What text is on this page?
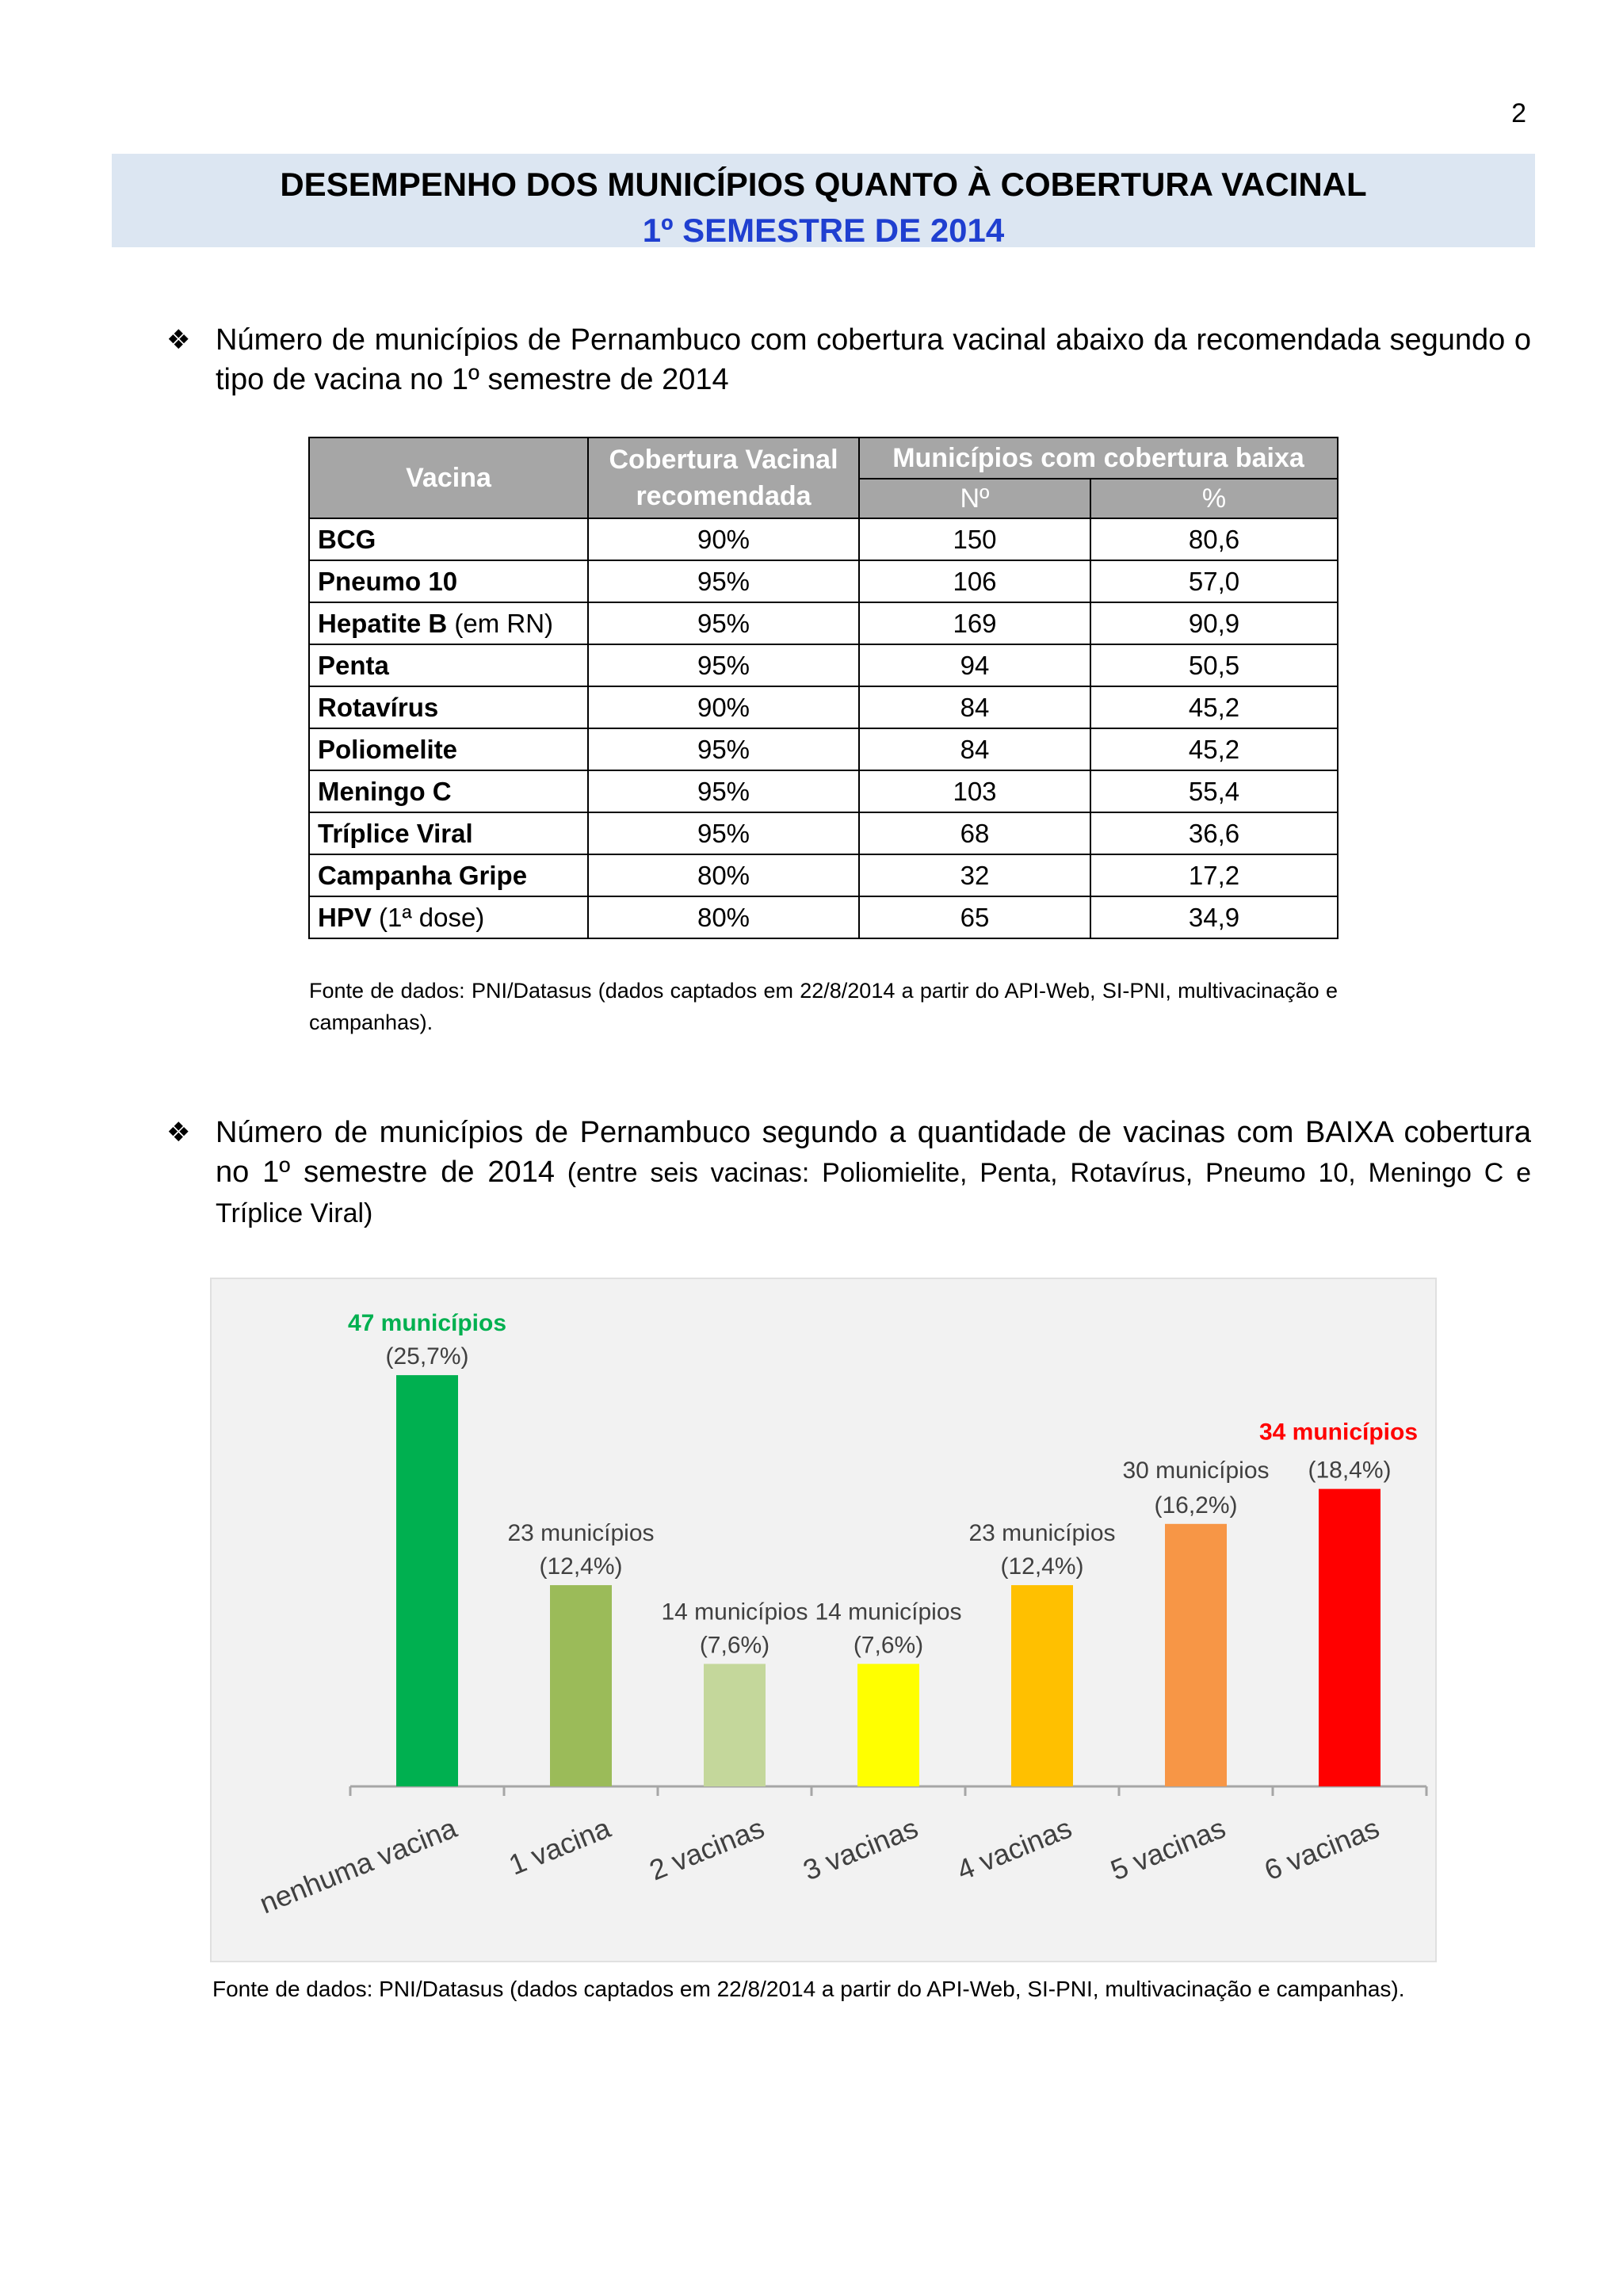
2
DESEMPENHO DOS MUNICÍPIOS QUANTO À COBERTURA VACINAL
1º SEMESTRE DE 2014
❖ Número de municípios de Pernambuco com cobertura vacinal abaixo da recomendada segundo o tipo de vacina no 1º semestre de 2014
Vacina	Cobertura Vacinal recomendada	Municípios com cobertura baixa	
		Nº	%
BCG	90%	150	80,6
Pneumo 10	95%	106	57,0
Hepatite B (em RN)	95%	169	90,9
Penta	95%	94	50,5
Rotavírus	90%	84	45,2
Poliomelite	95%	84	45,2
Meningo C	95%	103	55,4
Tríplice Viral	95%	68	36,6
Campanha Gripe	80%	32	17,2
HPV (1ª dose)	80%	65	34,9
Fonte de dados: PNI/Datasus (dados captados em 22/8/2014 a partir do API-Web, SI-PNI, multivacinação e campanhas).
❖ Número de municípios de Pernambuco segundo a quantidade de vacinas com BAIXA cobertura no 1º semestre de 2014 (entre seis vacinas: Poliomielite, Penta, Rotavírus, Pneumo 10, Meningo C e Tríplice Viral)
47 municípios
(25,7%)
nenhuma vacina
23 municípios
(12,4%)
1 vacina
14 municípios
(7,6%)
2 vacinas
14 municípios
(7,6%)
3 vacinas
23 municípios
(12,4%)
4 vacinas
30 municípios
(16,2%)
5 vacinas
34 municípios
(18,4%)
6 vacinas
Fonte de dados: PNI/Datasus (dados captados em 22/8/2014 a partir do API-Web, SI-PNI, multivacinação e campanhas).
